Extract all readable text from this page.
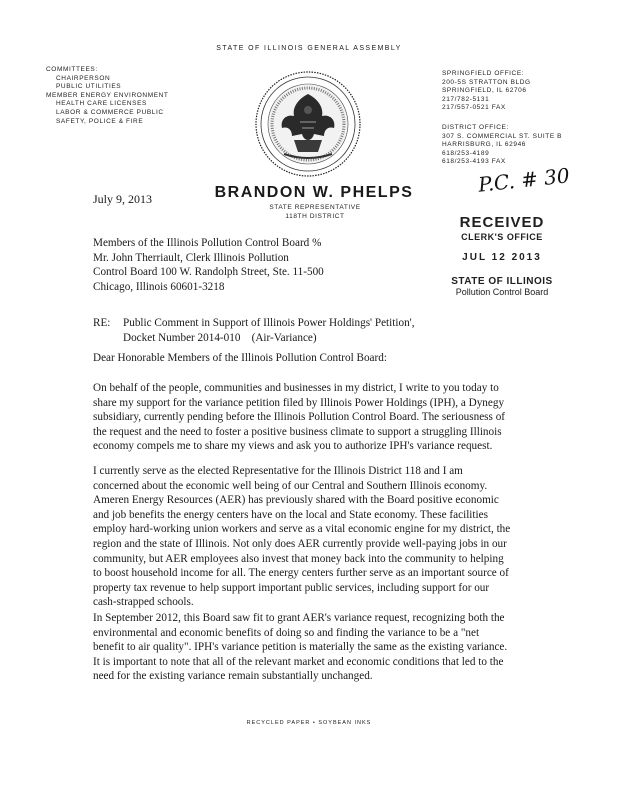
STATE OF ILLINOIS GENERAL ASSEMBLY
COMMITTEES:
CHAIRPERSON
PUBLIC UTILITIES
MEMBER ENERGY ENVIRONMENT
HEALTH CARE LICENSES
LABOR & COMMERCE PUBLIC
SAFETY, POLICE & FIRE
SPRINGFIELD OFFICE:
200-5S STRATTON BLDG
SPRINGFIELD, IL 62706
217/782-5131
217/557-0521 FAX
DISTRICT OFFICE:
307 S. COMMERCIAL ST. SUITE B
HARRISBURG, IL 62946
618/253-4189
618/253-4193 FAX
July 9, 2013	BRANDON W. PHELPS
STATE REPRESENTATIVE
118TH DISTRICT
P.C. # 30
RECEIVED
CLERK'S OFFICE
JUL 12 2013
STATE OF ILLINOIS
Pollution Control Board
Members of the Illinois Pollution Control Board %
Mr. John Therriault, Clerk Illinois Pollution
Control Board 100 W. Randolph Street, Ste. 11-500
Chicago, Illinois 60601-3218
RE: Public Comment in Support of Illinois Power Holdings' Petition',
Docket Number 2014-010    (Air-Variance)
Dear Honorable Members of the Illinois Pollution Control Board:
On behalf of the people, communities and businesses in my district, I write to you today to
share my support for the variance petition filed by Illinois Power Holdings (IPH), a Dynegy
subsidiary, currently pending before the Illinois Pollution Control Board. The seriousness of
the request and the need to foster a positive business climate to support a struggling Illinois
economy compels me to share my views and ask you to authorize IPH's variance request.
I currently serve as the elected Representative for the Illinois District 118 and I am
concerned about the economic well being of our Central and Southern Illinois economy.
Ameren Energy Resources (AER) has previously shared with the Board positive economic
and job benefits the energy centers have on the local and State economy. These facilities
employ hard-working union workers and serve as a vital economic engine for my district, the
region and the state of Illinois. Not only does AER currently provide well-paying jobs in our
community, but AER employees also invest that money back into the community to helping
to boost household income for all. The energy centers further serve as an important source of
property tax revenue to help support important public services, including support for our
cash-strapped schools.
In September 2012, this Board saw fit to grant AER's variance request, recognizing both the
environmental and economic benefits of doing so and finding the variance to be a "net
benefit to air quality". IPH's variance petition is materially the same as the existing variance.
It is important to note that all of the relevant market and economic conditions that led to the
need for the existing variance remain substantially unchanged.
RECYCLED PAPER • SOYBEAN INKS
